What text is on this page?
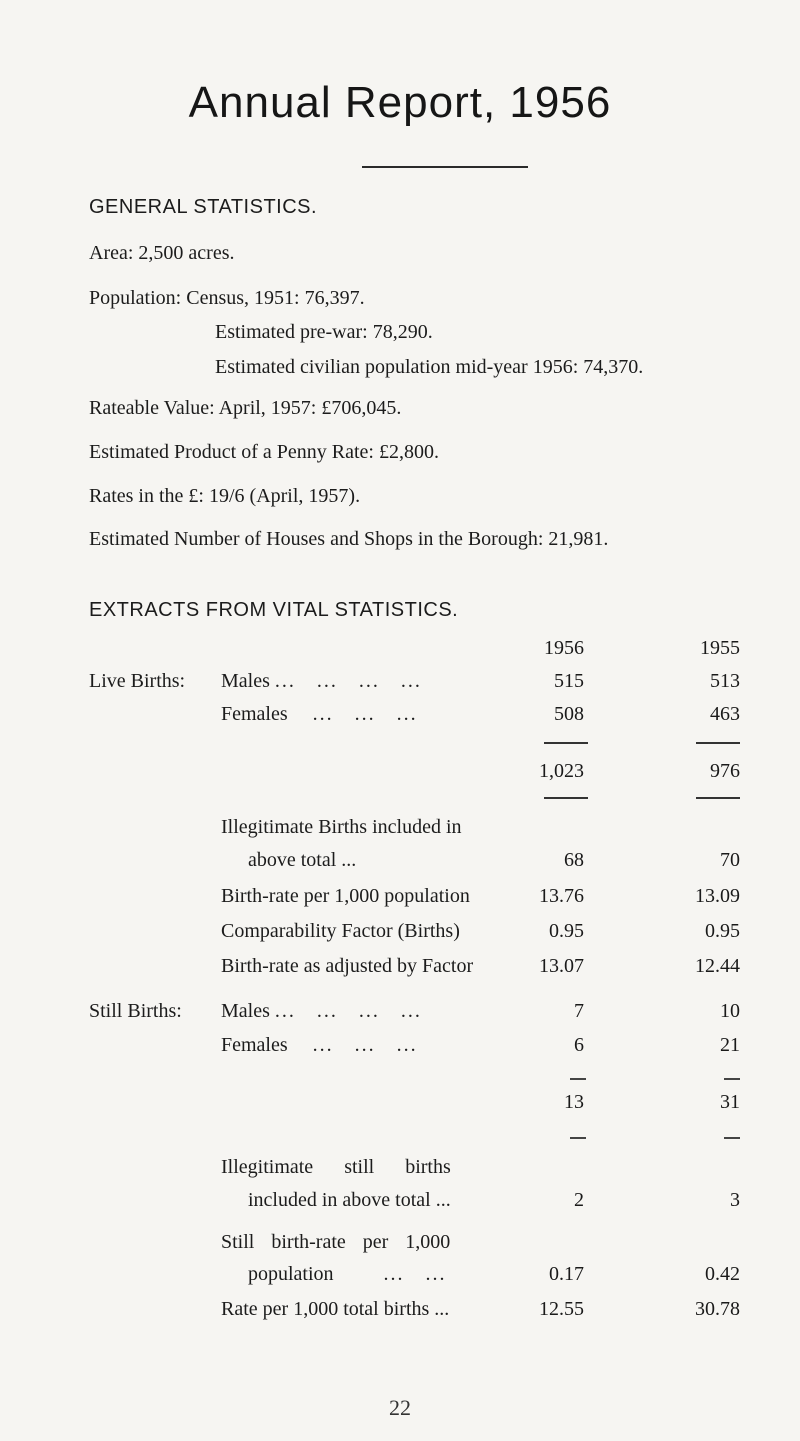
Annual Report, 1956
GENERAL STATISTICS.
Area: 2,500 acres.
Population: Census, 1951: 76,397.
Estimated pre-war: 78,290.
Estimated civilian population mid-year 1956: 74,370.
Rateable Value: April, 1957: £706,045.
Estimated Product of a Penny Rate: £2,800.
Rates in the £: 19/6 (April, 1957).
Estimated Number of Houses and Shops in the Borough: 21,981.
EXTRACTS FROM VITAL STATISTICS.
1956	1955
Live Births: Males ...   ...   ...   ...	515	513
Females ...   ...   ...	508	463
1,023	976
Illegitimate Births included in
above total ...	68	70
Birth-rate per 1,000 population	13.76	13.09
Comparability Factor (Births)	0.95	0.95
Birth-rate as adjusted by Factor	13.07	12.44
Still Births: Males ...   ...   ...   ...	7	10
Females ...   ...   ...	6	21
13	31
Illegitimate still births
included in above total ...	2	3
Still birth-rate per 1,000
population	...   ...	0.17	0.42
Rate per 1,000 total births ...	12.55	30.78
22
